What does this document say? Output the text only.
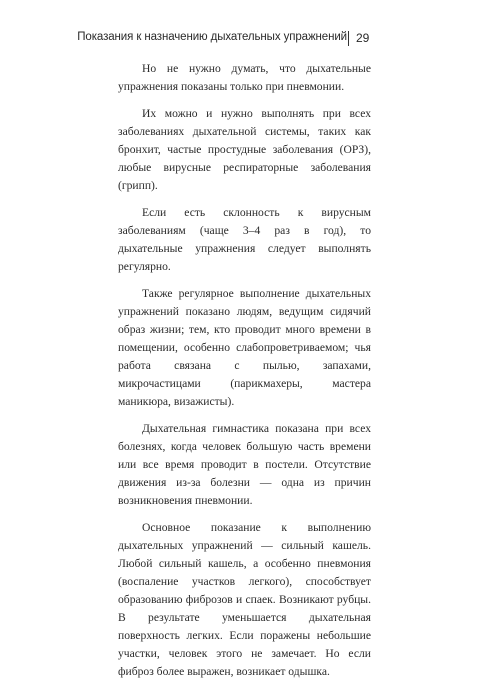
Показания к назначению дыхательных упражнений 29

Но не нужно думать, что дыхательные упражнения показаны только при пневмонии.

Их можно и нужно выполнять при всех заболеваниях дыхательной системы, таких как бронхит, частые простудные заболевания (ОРЗ), любые вирусные респираторные заболевания (грипп).

Если есть склонность к вирусным заболеваниям (чаще 3–4 раз в год), то дыхательные упражнения следует выполнять регулярно.

Также регулярное выполнение дыхательных упражнений показано людям, ведущим сидячий образ жизни; тем, кто проводит много времени в помещении, особенно слабопроветриваемом; чья работа связана с пылью, запахами, микрочастицами (парикмахеры, мастера маникюра, визажисты).

Дыхательная гимнастика показана при всех болезнях, когда человек большую часть времени или все время проводит в постели. Отсутствие движения из-за болезни — одна из причин возникновения пневмонии.

Основное показание к выполнению дыхательных упражнений — сильный кашель. Любой сильный кашель, а особенно пневмония (воспаление участков легкого), способствует образованию фиброзов и спаек. Возникают рубцы. В результате уменьшается дыхательная поверхность легких. Если поражены небольшие участки, человек этого не замечает. Но если фиброз более выражен, возникает одышка.
